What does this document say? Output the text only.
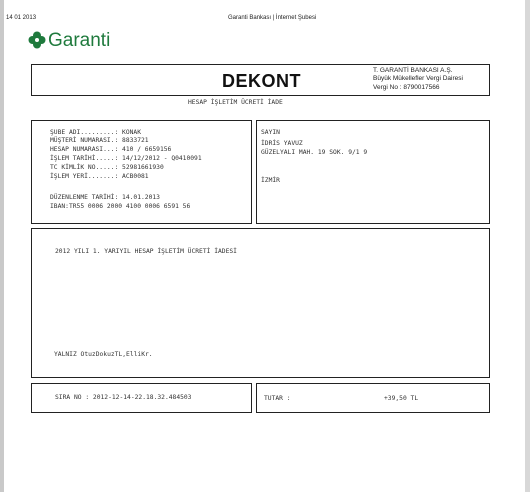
14 01 2013	Garanti Bankası | İnternet Şubesi
Garanti
DEKONT
T. GARANTİ BANKASI A.Ş.
Büyük Mükellefler Vergi Dairesi
Vergi No : 8790017566
HESAP İŞLETİM ÜCRETİ İADE
ŞUBE ADI.........: KONAK
MÜŞTERİ NUMARASI.: 8833721
HESAP NUMARASI...: 410 / 6659156
İŞLEM TARİHİ.....: 14/12/2012 - Q0410091
TC KİMLİK NO.....: 52981661930
İŞLEM YERİ.......: ACB0081
DÜZENLENME TARİHİ: 14.01.2013
IBAN:TR55 0006 2000 4100 0006 6591 56
SAYIN
İDRİS YAVUZ
GÜZELYALI MAH. 19 SOK. 9/1 9
İZMİR
2012 YILI 1. YARIYIL HESAP İŞLETİM ÜCRETİ İADESİ
YALNIZ OtuzDokuzTL,ElliKr.
SIRA NO : 2012-12-14-22.18.32.484503	TUTAR :	+39,50 TL
